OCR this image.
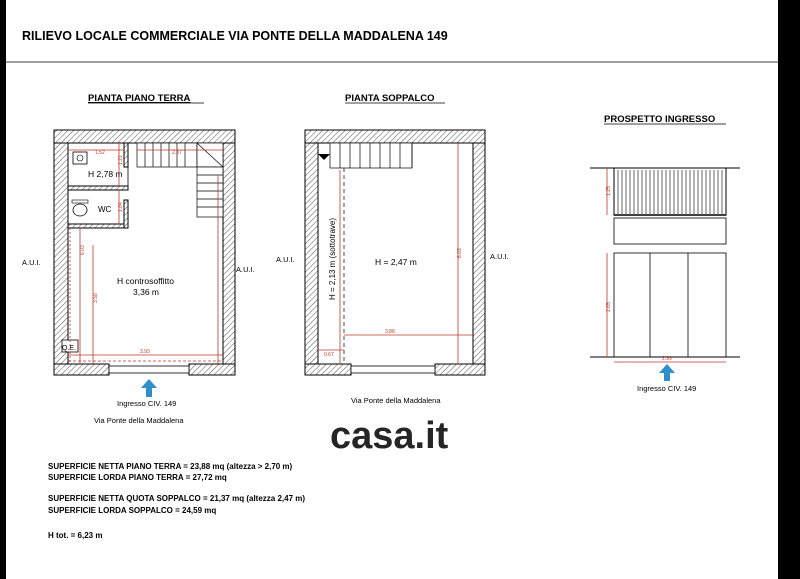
RILIEVO LOCALE COMMERCIALE VIA PONTE DELLA MADDALENA 149
PIANTA PIANO TERRA
Q.E.
2.37
1.52
1.21
1.04
6.03
3.58
3.93
H 2,78 m
WC
H controsoffitto
3,36 m
A.U.I.
A.U.I.
Ingresso CIV. 149
Via Ponte della Maddalena
PIANTA SOPPALCO
6.03
3.88
0.67
H = 2,13 m (sottotrave)	H = 2,47 m
A.U.I.	A.U.I.
Via Ponte della Maddalena
PROSPETTO INGRESSO
1.25
2.65
2.99
Ingresso CIV. 149
casa.it
SUPERFICIE NETTA PIANO TERRA = 23,88 mq (altezza > 2,70 m)
SUPERFICIE LORDA PIANO TERRA = 27,72 mq
SUPERFICIE NETTA QUOTA SOPPALCO = 21,37 mq (altezza 2,47 m)
SUPERFICIE LORDA SOPPALCO = 24,59 mq
H tot. = 6,23 m
